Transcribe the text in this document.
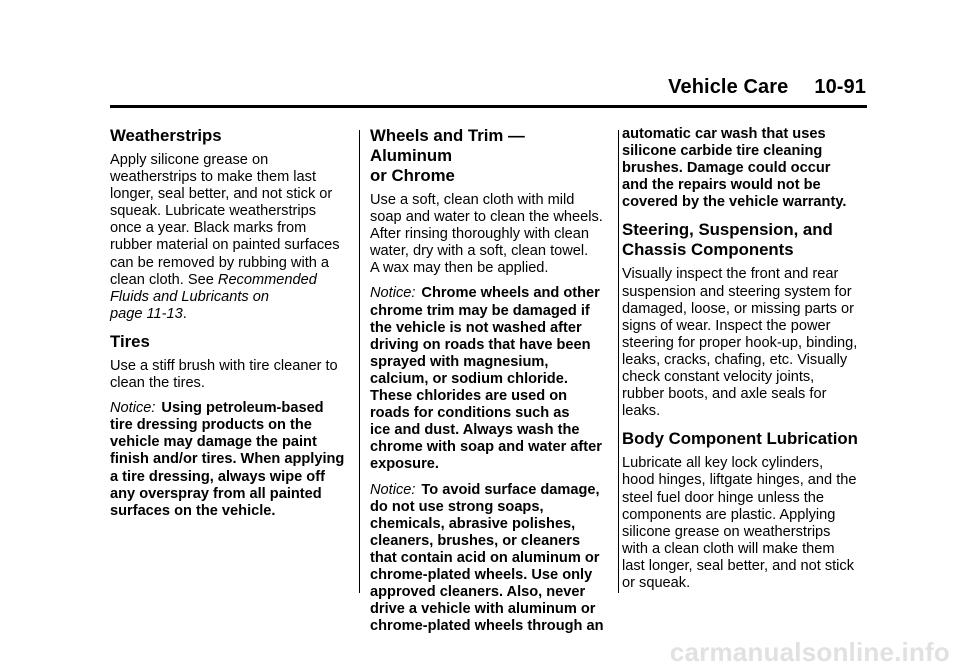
Vehicle Care 10-91
Weatherstrips

Apply silicone grease on
weatherstrips to make them last
longer, seal better, and not stick or
squeak. Lubricate weatherstrips
once a year. Black marks from
rubber material on painted surfaces
can be removed by rubbing with a
clean cloth. See Recommended
Fluids and Lubricants on
page 11-13.

Tires

Use a stiff brush with tire cleaner to
clean the tires.

Notice: Using petroleum-based
tire dressing products on the
vehicle may damage the paint
finish and/or tires. When applying
a tire dressing, always wipe off
any overspray from all painted
surfaces on the vehicle.

Wheels and Trim — Aluminum
or Chrome

Use a soft, clean cloth with mild
soap and water to clean the wheels.
After rinsing thoroughly with clean
water, dry with a soft, clean towel.
A wax may then be applied.

Notice: Chrome wheels and other
chrome trim may be damaged if
the vehicle is not washed after
driving on roads that have been
sprayed with magnesium,
calcium, or sodium chloride.
These chlorides are used on
roads for conditions such as
ice and dust. Always wash the
chrome with soap and water after
exposure.

Notice: To avoid surface damage,
do not use strong soaps,
chemicals, abrasive polishes,
cleaners, brushes, or cleaners
that contain acid on aluminum or
chrome-plated wheels. Use only
approved cleaners. Also, never
drive a vehicle with aluminum or
chrome-plated wheels through an

automatic car wash that uses
silicone carbide tire cleaning
brushes. Damage could occur
and the repairs would not be
covered by the vehicle warranty.

Steering, Suspension, and
Chassis Components

Visually inspect the front and rear
suspension and steering system for
damaged, loose, or missing parts or
signs of wear. Inspect the power
steering for proper hook-up, binding,
leaks, cracks, chafing, etc. Visually
check constant velocity joints,
rubber boots, and axle seals for
leaks.

Body Component Lubrication

Lubricate all key lock cylinders,
hood hinges, liftgate hinges, and the
steel fuel door hinge unless the
components are plastic. Applying
silicone grease on weatherstrips
with a clean cloth will make them
last longer, seal better, and not stick
or squeak.

carmanualsonline.info
